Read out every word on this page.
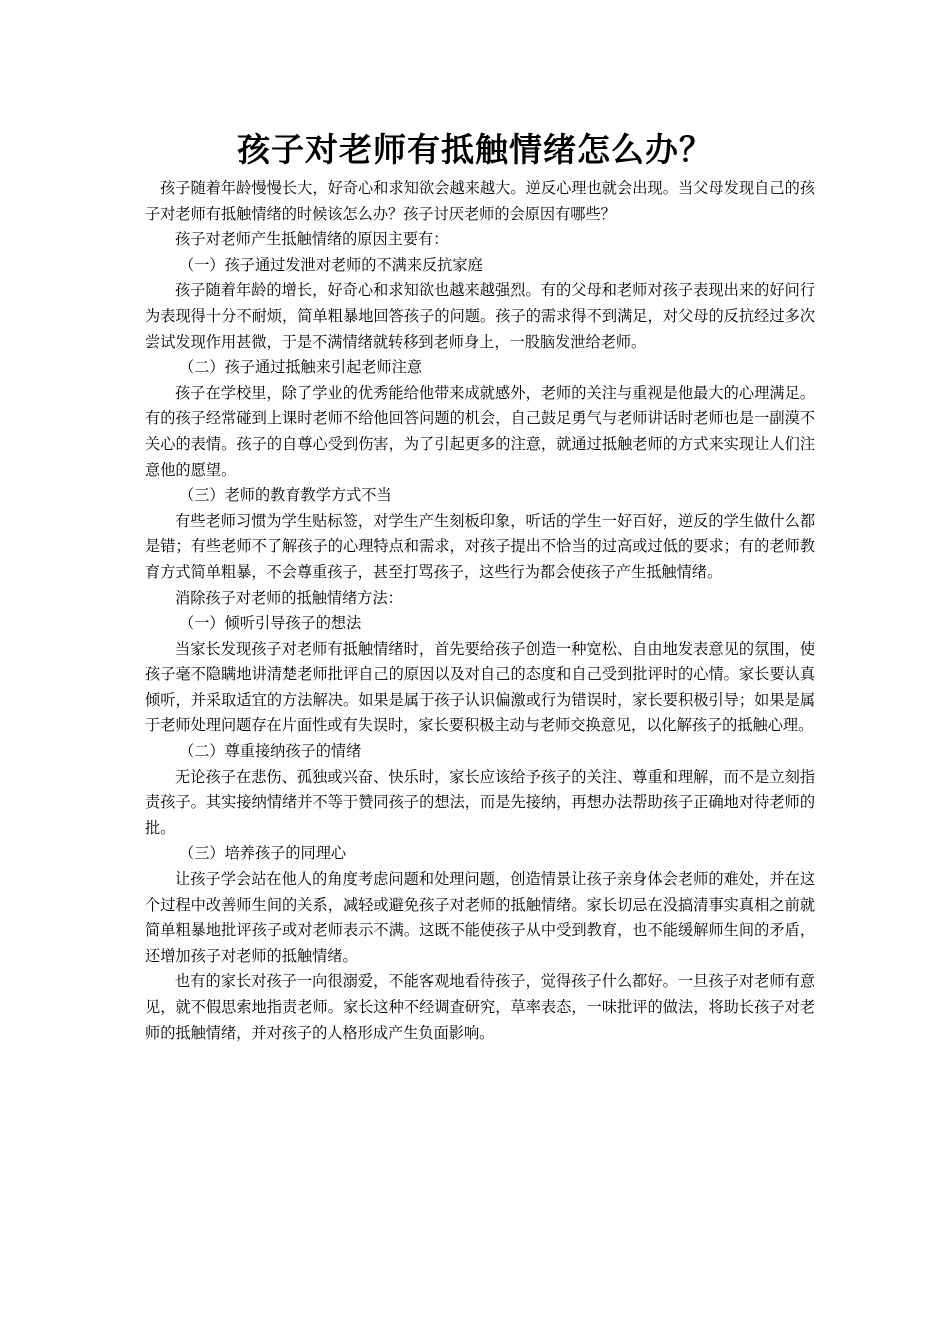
孩子对老师有抵触情绪怎么办？

孩子随着年龄慢慢长大，好奇心和求知欲会越来越大。逆反心理也就会出现。当父母发现自己的孩子对老师有抵触情绪的时候该怎么办？孩子讨厌老师的会原因有哪些？

孩子对老师产生抵触情绪的原因主要有：

（一）孩子通过发泄对老师的不满来反抗家庭

孩子随着年龄的增长，好奇心和求知欲也越来越强烈。有的父母和老师对孩子表现出来的好问行为表现得十分不耐烦，简单粗暴地回答孩子的问题。孩子的需求得不到满足，对父母的反抗经过多次尝试发现作用甚微，于是不满情绪就转移到老师身上，一股脑发泄给老师。

（二）孩子通过抵触来引起老师注意

孩子在学校里，除了学业的优秀能给他带来成就感外，老师的关注与重视是他最大的心理满足。有的孩子经常碰到上课时老师不给他回答问题的机会，自己鼓足勇气与老师讲话时老师也是一副漠不关心的表情。孩子的自尊心受到伤害，为了引起更多的注意，就通过抵触老师的方式来实现让人们注意他的愿望。

（三）老师的教育教学方式不当

有些老师习惯为学生贴标签，对学生产生刻板印象，听话的学生一好百好，逆反的学生做什么都是错；有些老师不了解孩子的心理特点和需求，对孩子提出不恰当的过高或过低的要求；有的老师教育方式简单粗暴，不会尊重孩子，甚至打骂孩子，这些行为都会使孩子产生抵触情绪。

消除孩子对老师的抵触情绪方法：

（一）倾听引导孩子的想法

当家长发现孩子对老师有抵触情绪时，首先要给孩子创造一种宽松、自由地发表意见的氛围，使孩子毫不隐瞒地讲清楚老师批评自己的原因以及对自己的态度和自己受到批评时的心情。家长要认真倾听，并采取适宜的方法解决。如果是属于孩子认识偏激或行为错误时，家长要积极引导；如果是属于老师处理问题存在片面性或有失误时，家长要积极主动与老师交换意见，以化解孩子的抵触心理。

（二）尊重接纳孩子的情绪

无论孩子在悲伤、孤独或兴奋、快乐时，家长应该给予孩子的关注、尊重和理解，而不是立刻指责孩子。其实接纳情绪并不等于赞同孩子的想法，而是先接纳，再想办法帮助孩子正确地对待老师的批。

（三）培养孩子的同理心

让孩子学会站在他人的角度考虑问题和处理问题，创造情景让孩子亲身体会老师的难处，并在这个过程中改善师生间的关系，减轻或避免孩子对老师的抵触情绪。家长切忌在没搞清事实真相之前就简单粗暴地批评孩子或对老师表示不满。这既不能使孩子从中受到教育，也不能缓解师生间的矛盾，还增加孩子对老师的抵触情绪。

也有的家长对孩子一向很溺爱，不能客观地看待孩子，觉得孩子什么都好。一旦孩子对老师有意见，就不假思索地指责老师。家长这种不经调查研究，草率表态，一味批评的做法，将助长孩子对老师的抵触情绪，并对孩子的人格形成产生负面影响。
